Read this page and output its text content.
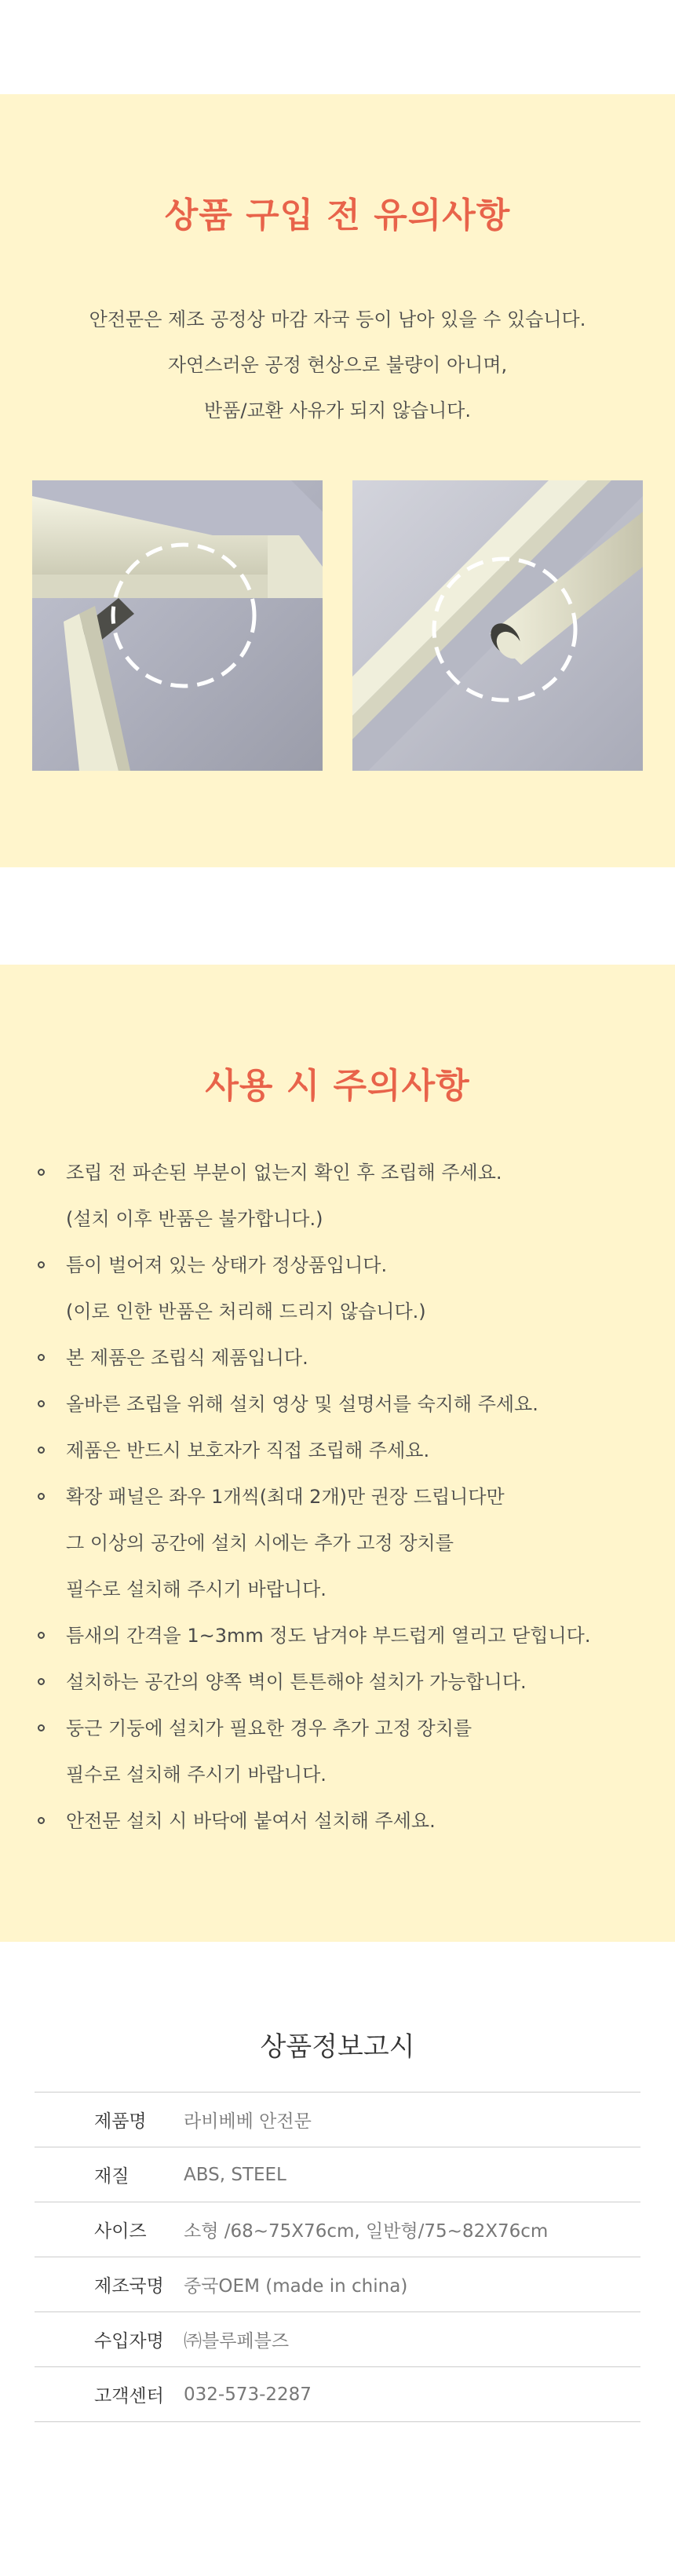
상품 구입 전 유의사항
안전문은 제조 공정상 마감 자국 등이 남아 있을 수 있습니다.
자연스러운 공정 현상으로 불량이 아니며,
반품/교환 사유가 되지 않습니다.
사용 시 주의사항
조립 전 파손된 부분이 없는지 확인 후 조립해 주세요.
(설치 이후 반품은 불가합니다.)
틈이 벌어져 있는 상태가 정상품입니다.
(이로 인한 반품은 처리해 드리지 않습니다.)
본 제품은 조립식 제품입니다.
올바른 조립을 위해 설치 영상 및 설명서를 숙지해 주세요.
제품은 반드시 보호자가 직접 조립해 주세요.
확장 패널은 좌우 1개씩(최대 2개)만 권장 드립니다만
그 이상의 공간에 설치 시에는 추가 고정 장치를
필수로 설치해 주시기 바랍니다.
틈새의 간격을 1~3mm 정도 남겨야 부드럽게 열리고 닫힙니다.
설치하는 공간의 양쪽 벽이 튼튼해야 설치가 가능합니다.
둥근 기둥에 설치가 필요한 경우 추가 고정 장치를
필수로 설치해 주시기 바랍니다.
안전문 설치 시 바닥에 붙여서 설치해 주세요.
상품정보고시
제품명	라비베베 안전문
재질	ABS, STEEL
사이즈	소형 /68~75X76cm, 일반형/75~82X76cm
제조국명	중국OEM (made in china)
수입자명	㈜블루페블즈
고객센터	032-573-2287
